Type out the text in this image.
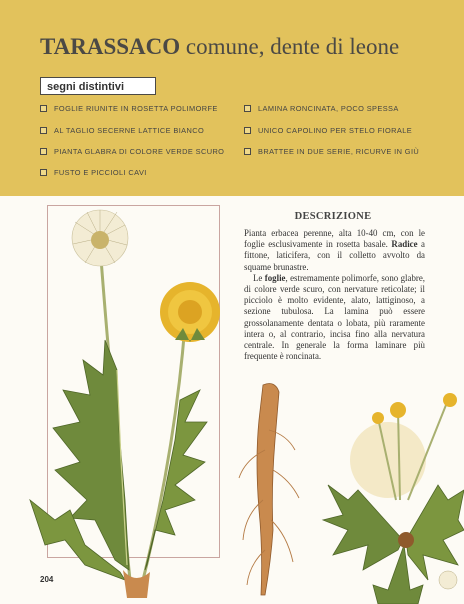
TARASSACO comune, dente di leone
segni distintivi
FOGLIE RIUNITE IN ROSETTA POLIMORFE
AL TAGLIO SECERNE LATTICE BIANCO
PIANTA GLABRA DI COLORE VERDE SCURO
FUSTO E PICCIOLI CAVI
LAMINA RONCINATA, POCO SPESSA
UNICO CAPOLINO PER STELO FIORALE
BRATTEE IN DUE SERIE, RICURVE IN GIÙ
DESCRIZIONE

Pianta erbacea perenne, alta 10-40 cm, con le foglie esclusivamente in rosetta basale. Radice a fittone, laticifera, con il colletto avvolto da squame brunastre.

Le foglie, estremamente polimorfe, sono glabre, di colore verde scuro, con nervature reticolate; il picciolo è molto evidente, alato, lattiginoso, a sezione tubulosa. La lamina può essere grossolanamente dentata o lobata, più raramente intera o, al contrario, incisa fino alla nervatura centrale. In generale la forma laminare più frequente è roncinata.

204
